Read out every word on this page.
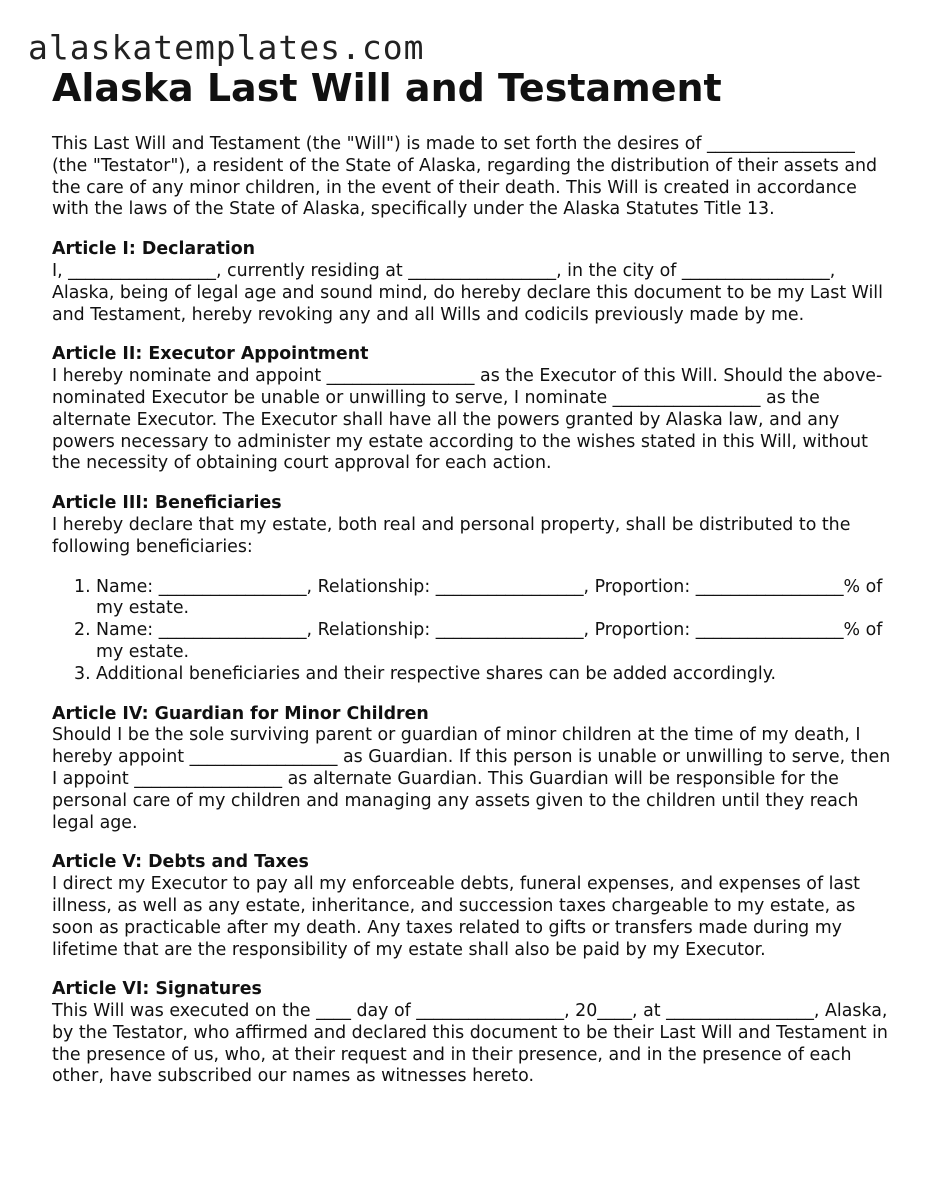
alaskatemplates.com
Alaska Last Will and Testament

This Last Will and Testament (the "Will") is made to set forth the desires of _________________ (the "Testator"), a resident of the State of Alaska, regarding the distribution of their assets and the care of any minor children, in the event of their death. This Will is created in accordance with the laws of the State of Alaska, specifically under the Alaska Statutes Title 13.

Article I: Declaration

I, _________________, currently residing at _________________, in the city of _________________, Alaska, being of legal age and sound mind, do hereby declare this document to be my Last Will and Testament, hereby revoking any and all Wills and codicils previously made by me.

Article II: Executor Appointment

I hereby nominate and appoint _________________ as the Executor of this Will. Should the above-nominated Executor be unable or unwilling to serve, I nominate _________________ as the alternate Executor. The Executor shall have all the powers granted by Alaska law, and any powers necessary to administer my estate according to the wishes stated in this Will, without the necessity of obtaining court approval for each action.

Article III: Beneficiaries

I hereby declare that my estate, both real and personal property, shall be distributed to the following beneficiaries:

1. Name: _________________, Relationship: _________________, Proportion: _________________% of my estate.
2. Name: _________________, Relationship: _________________, Proportion: _________________% of my estate.
3. Additional beneficiaries and their respective shares can be added accordingly.
Article IV: Guardian for Minor Children

Should I be the sole surviving parent or guardian of minor children at the time of my death, I hereby appoint _________________ as Guardian. If this person is unable or unwilling to serve, then I appoint _________________ as alternate Guardian. This Guardian will be responsible for the personal care of my children and managing any assets given to the children until they reach legal age.

Article V: Debts and Taxes

I direct my Executor to pay all my enforceable debts, funeral expenses, and expenses of last illness, as well as any estate, inheritance, and succession taxes chargeable to my estate, as soon as practicable after my death. Any taxes related to gifts or transfers made during my lifetime that are the responsibility of my estate shall also be paid by my Executor.

Article VI: Signatures

This Will was executed on the ____ day of _________________, 20____, at _________________, Alaska, by the Testator, who affirmed and declared this document to be their Last Will and Testament in the presence of us, who, at their request and in their presence, and in the presence of each other, have subscribed our names as witnesses hereto.
